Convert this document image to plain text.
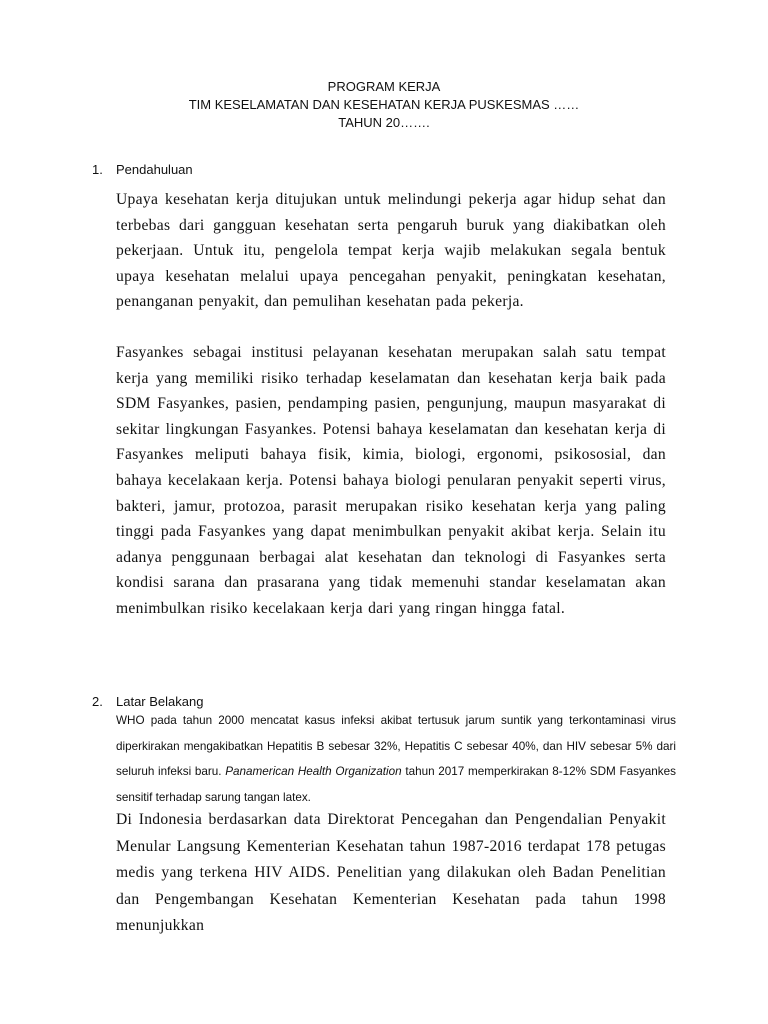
PROGRAM KERJA
TIM KESELAMATAN DAN KESEHATAN KERJA PUSKESMAS ……
TAHUN 20…….
1. Pendahuluan

Upaya kesehatan kerja ditujukan untuk melindungi pekerja agar hidup sehat dan terbebas dari gangguan kesehatan serta pengaruh buruk yang diakibatkan oleh pekerjaan. Untuk itu, pengelola tempat kerja wajib melakukan segala bentuk upaya kesehatan melalui upaya pencegahan penyakit, peningkatan kesehatan, penanganan penyakit, dan pemulihan kesehatan pada pekerja.

Fasyankes sebagai institusi pelayanan kesehatan merupakan salah satu tempat kerja yang memiliki risiko terhadap keselamatan dan kesehatan kerja baik pada SDM Fasyankes, pasien, pendamping pasien, pengunjung, maupun masyarakat di sekitar lingkungan Fasyankes. Potensi bahaya keselamatan dan kesehatan kerja di Fasyankes meliputi bahaya fisik, kimia, biologi, ergonomi, psikososial, dan bahaya kecelakaan kerja. Potensi bahaya biologi penularan penyakit seperti virus, bakteri, jamur, protozoa, parasit merupakan risiko kesehatan kerja yang paling tinggi pada Fasyankes yang dapat menimbulkan penyakit akibat kerja. Selain itu adanya penggunaan berbagai alat kesehatan dan teknologi di Fasyankes serta kondisi sarana dan prasarana yang tidak memenuhi standar keselamatan akan menimbulkan risiko kecelakaan kerja dari yang ringan hingga fatal.

2. Latar Belakang

WHO pada tahun 2000 mencatat kasus infeksi akibat tertusuk jarum suntik yang terkontaminasi virus diperkirakan mengakibatkan Hepatitis B sebesar 32%, Hepatitis C sebesar 40%, dan HIV sebesar 5% dari seluruh infeksi baru. Panamerican Health Organization tahun 2017 memperkirakan 8-12% SDM Fasyankes sensitif terhadap sarung tangan latex.

Di Indonesia berdasarkan data Direktorat Pencegahan dan Pengendalian Penyakit Menular Langsung Kementerian Kesehatan tahun 1987-2016 terdapat 178 petugas medis yang terkena HIV AIDS. Penelitian yang dilakukan oleh Badan Penelitian dan Pengembangan Kesehatan Kementerian Kesehatan pada tahun 1998 menunjukkan
